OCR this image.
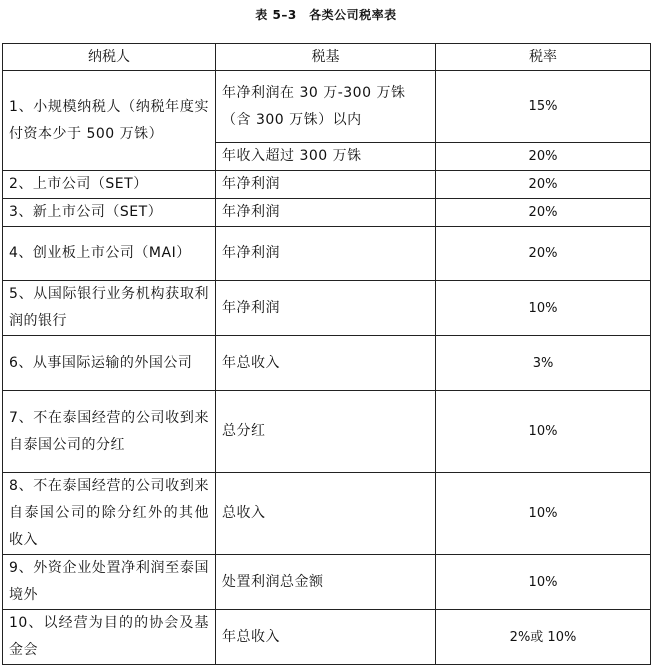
表 5–3　各类公司税率表
纳税人	税基	税率
1、小规模纳税人（纳税年度实付资本少于 500 万铢）	年净利润在 30 万-300 万铢（含 300 万铢）以内	15%
	年收入超过 300 万铢	20%
2、上市公司（SET）	年净利润	20%
3、新上市公司（SET）	年净利润	20%
4、创业板上市公司（MAI）	年净利润	20%
5、从国际银行业务机构获取利润的银行	年净利润	10%
6、从事国际运输的外国公司	年总收入	3%
7、不在泰国经营的公司收到来自泰国公司的分红	总分红	10%
8、不在泰国经营的公司收到来自泰国公司的除分红外的其他收入	总收入	10%
9、外资企业处置净利润至泰国境外	处置利润总金额	10%
10、以经营为目的的协会及基金会	年总收入	2%或 10%
